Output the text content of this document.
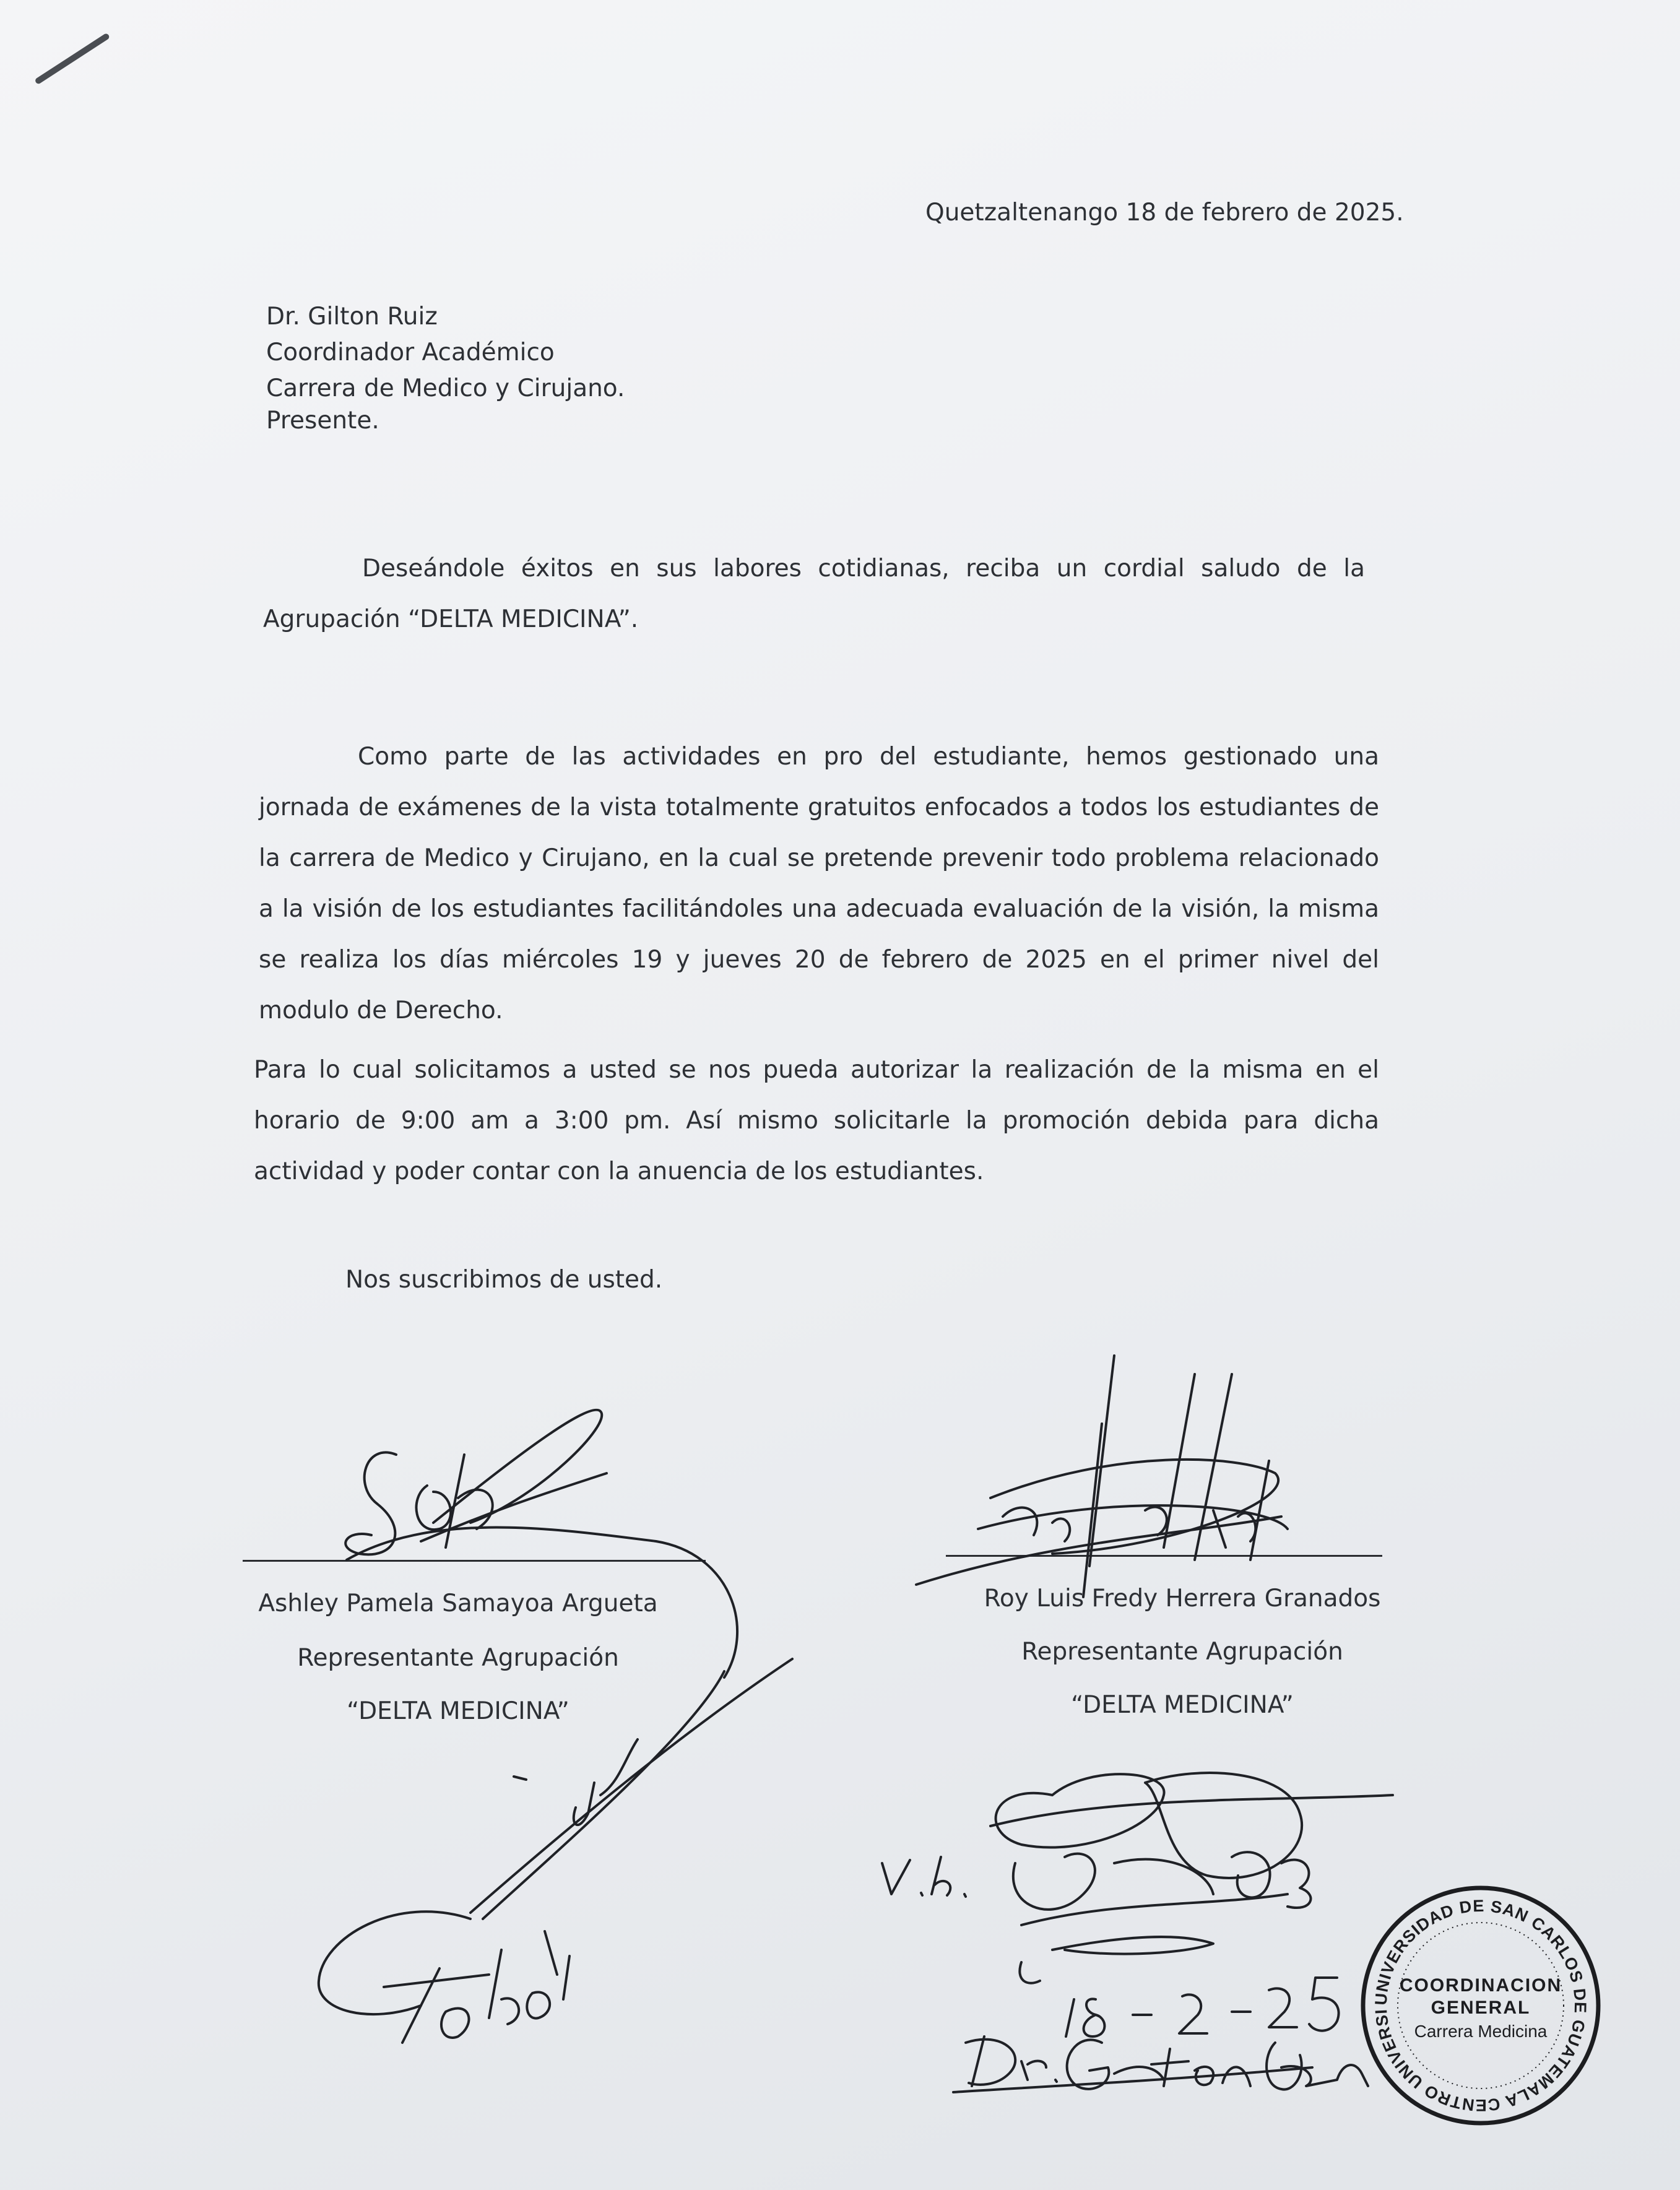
Quetzaltenango 18 de febrero de 2025.
Dr. Gilton Ruiz
Coordinador Académico
Carrera de Medico y Cirujano.
Presente.
Deseándole éxitos en sus labores cotidianas, reciba un cordial saludo de la Agrupación “DELTA MEDICINA”.
Como parte de las actividades en pro del estudiante, hemos gestionado una jornada de exámenes de la vista totalmente gratuitos enfocados a todos los estudiantes de la carrera de Medico y Cirujano, en la cual se pretende prevenir todo problema relacionado a la visión de los estudiantes facilitándoles una adecuada evaluación de la visión, la misma se realiza los días miércoles 19 y jueves 20 de febrero de 2025 en el primer nivel del modulo de Derecho.
Para lo cual solicitamos a usted se nos pueda autorizar la realización de la misma en el horario de 9:00 am a 3:00 pm. Así mismo solicitarle la promoción debida para dicha actividad y poder contar con la anuencia de los estudiantes.
Nos suscribimos de usted.
Ashley Pamela Samayoa Argueta
Representante Agrupación
“DELTA MEDICINA”
Roy Luis Fredy Herrera Granados
Representante Agrupación
“DELTA MEDICINA”
UNIVERSIDAD DE SAN CARLOS DE GUATEMALA CENTRO UNIVERSI
COORDINACION
GENERAL
Carrera Medicina
